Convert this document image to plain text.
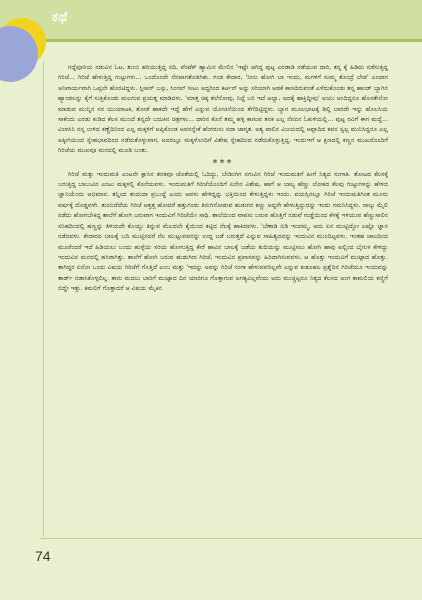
ಕಥೆ

ಗದ್ದೆಪೂರಿಯ ನಡುವಿನ ಓಟ, ತುಂಬಿ ಹರಿಯುತ್ತಿದ್ದ ನದಿ, ವೆಂಟೆಕ್ ಹ್ಯಾಮಿನ ಮೇಲಿನ 'ಇಷ್ಟೇ ಆಗಿದ್ದ ಪುಟ್ಟ ಎರಡಾಡಿ ನಡೆಯುವ ದಾರಿ, ತನ್ನ ಕೈ ಹಿಡಿದು ನಡೆಸುತ್ತಿದ್ದ ಗಿರಿಜೆ... ಗಿರಿಜೆ ಹೇಳುತ್ತಿದ್ದ ಗುಟ್ಟುಗಳು... ಒಂದೊಂದೇ ನೆನಪಾಗತೊಡಗಿತು. ಗಂಡ ಕೇದಾರ, 'ನೀನು ಹೋಗಿ ಬಾ ಇಂದು, ಮಗಳಿಗೆ ಸುಮ್ಮ ತೊಂದ್ರೆ ಬೇಡ' ಎಂದಾಗ ಅನಿವಾರ್ಯವಾಗಿ ಒಪ್ಪಲೇ ಹೊರಟಿದ್ದಳು. ಸ್ಲೀಪರ್ ಬಸ್ಸು, ಸಿಂಗಲ್ ಸೀಟು ಅದ್ದರಿಂದ ಕರ್ಟನ್ ಅನ್ನು ಸರಿಯಾಗಿ ಅಡಕೆ ಕಾಣದಿರುವಂತೆ ಎಳೆದುಕೊಂಡು ತನ್ನ ಹಾಂಡ್ ಬ್ಯಾಗಿನ ಹ್ಯಾಂಡಲನ್ನು ಕೈಗೆ ಸುತ್ತಿಕೊಂಡು ಮಲಗುವ ಪ್ರಯತ್ನ ಮಾಡಿದಳು. 'ಮಾತ್ತ ಚಿಕ್ಕ ತಲೆನೋವು, ನಿದ್ದೆ ಬರಿ ಇದೆ ಅಲ್ವಾ, ಅದಕ್ಕೆ ಹಾಕ್ತಿದ್ದೀವು' ಅಯು ಅಂದಿದ್ದರೂ ಹೊಸತೇನೋ ಮಾಡುವ ಮುನ್ನಿನ ಸರ ಯುಯಾಟಕ, ತೋಡೆ ಹಾಕದೇ ಇದ್ದೆ ಹೇಗೆ ಎನ್ನುವ ಯೋಚನೆಯಿಂದ ತೆಗೆದಿಟ್ಟಿದ್ದಳು. ಬ್ಯಾಗ ಮೂಲಭಾಟಕ್ಕೆ ಡಿಲ್ಲಿ ಬಾರದೇ ಇನ್ನು ಹೊಲಸಿಯ ಸಾಕೆಂದು ಎರಡು ಕುಡಿದ ಕೆಲಸ ಮುಂದೆ ತನ್ನದೇ ಬದುಕಿನ ಚಿತ್ರಗಳು... ದಾರಿನ ಕೊನೆ ತಮ್ಮ ಹಳ್ಳಿ ಕಾಣುವ ತನಕ ಎಲ್ಲ ನೆನಪಿನ ಓಕುಳಿಯಲ್ಲಿ... ಪುಟ್ಟ ರವಿಗೆ ಈಗ ಮದ್ದೆ... ವಿಲಾಸಿನಿ ನನ್ನ ಉಳಿದ ಕಣ್ಣೆದಿನಿಂದ ಎಲ್ಲ ಮಕ್ಕಳಿಗೆ ಅಪ್ಪಿಕೊಂಡ ಅವರನ್ನೇಕೆ ಹೆಂಗರುಸು ಸದಾ ಜಾಗೃತ. ಅತ್ಯ ಪಾಲಿನ ವಿಜಯದಲ್ಲಿ ಆಫ್ಫಾದಿದ ಕವನ ಸ್ವಲ್ಪ ಮುನಿಸಿದ್ದರೂ ಎಲ್ಲ ಅಕ್ಕೀಗಿಯಿಂದ ಸ್ನೇಹಭಾವದಿಂದ ನಡೆದುಕೊಳ್ಳುವಾಗ, ಅದರಲ್ಲೂ ಮಕ್ಕಳೊಂದಿಗೆ ವಿಶೇಷ ಸ್ನೇಹದಿಂದ ನಡೆದುಕೊಳ್ಳುತ್ತಿದ್ದ. ಇಂದುಇಗೆ ಆ ಕ್ಷಣದಲ್ಲಿ ಕಣ್ಣನ ಮುಖದೊಂದಿಗೆ ಗಿರಿಜೆಯ ಮುಖವೂ ಮನದಲ್ಲಿ ಮೂಡಿ ಬಂತು.

***

ಗಿರಿಜೆ ಮತ್ತು ಇಂದುಮತಿ ಎಂಟನೇ ಕ್ಲಾಸಿನ ತನಕವೂ ಜೊತೆಯಲ್ಲಿ ಓದಿದ್ದು, ಬೇಡಿಂಗಿಗ ನಗುವಿನ ಗಿರಿಜೆ ಇಂದುಮತಿಗೆ ಹೀಗೆ ನಿತ್ಯದ ಸಂಗಾತಿ. ತೋಟದ ಕೆಲಸಕ್ಕೆ ಬರುತ್ತಿದ್ದ ಬಾಬುವಿನ ಎಂಟು ಮಕ್ಕಳಲ್ಲಿ ಕೊನೆಯವಳು. ಇಂದುಮತಿಗೆ ಗಿರಿಜೆಯೊಂದಿಗೆ ಏನೇನ ವಿಶೇಷ, ಹಾಗೆ ಆ ಬಾಲ್ಯ ಹೆಣ್ಣು ಲೋಕದ ಕೆಲವು ಗುಟ್ಟುಗಳನ್ನು ಹೇಳಿದ ಜ್ಞಾನಿಯೆಂದು ಅಭಿಮಾನ. ತನ್ನಿಂದ ತಂದುದಾ ಪ್ರಬುದ್ಧೆ ಎಂದು ಅವಳು ಹೇಳಿದ್ದನ್ನು ಭಕ್ತಿಯಿಂದ ಕೇಳುತ್ತಿದ್ದಳು ಇಂದು. ವಯಸ್ಸಿನಲ್ಲೂ ಗಿರಿಜೆ ಇಂದುಮತಿಗಿಂತ ಮೂರು ವರ್ಷಕ್ಕೆ ದೊಡ್ಡವಳೇ. ತುಂಬಿದೆದೆಯ ಗಿರಿಜೆ ಅತ್ತತ್ತ ಹೋದರೆ ಹತ್ತುಗಂಡು ತಿರುಗಿನೋಡುವ ಹುಡುಗರ ಕಣ್ಣು ಅದ್ದರೇ ಹೇಳುತ್ತಿದ್ದುದನ್ನು ಇಂದು ಗಮನಿಸಿದ್ದಳು. ನಾಲ್ಕು ಮೈಲಿ ನಡೆದು ಹೋಗಬೇಕಿದ್ದ ಶಾಲೆಗೆ ಹೋಗಿ ಬರುವಾಗ ಇಂದುವಿಗೆ ಗಿರಿಜೆಯೇ ಸಾಥಿ. ಶಾಲೆಯಿಂದ ವಾಪಸು ಬರುವ ಹೊತ್ತಿಗೆ ನಡುವೆ ಗುಡ್ಡೆಯಿಂದ ಕೆಳಕ್ಕೆ ಇಳಿಯುವ ಹೆಣ್ಣುಸಾಲಿನ ಸನಿಹದಿಂದಲ್ಲಿ ಹಣ್ಣನ್ನು ತಿಳಿಯದೇ ಕೊಯ್ದು ತಿನ್ನುವ ಮೆಲದಲೇ ಕೈಯಿಂದ ಕಟ್ಟಿದ ನೆಲಕ್ಕೆ ಹಾಕಿದವಳು. 'ಬೆಣಾಡಿ ಬಿಡಿ ಇಂದಮ್ಮ, ಅದು ಏನ ಮುಟ್ಟಿದ್ದೋ ಎಷ್ಟೊ ಜ್ಞಾನ ನಡೆದವಳು. ಕೇದಾರದ ಬಾಲಕ್ಕೆ ಬದಿ ಮುಟ್ಟಿಸದರೆ ನೆಲ ಮುಟ್ಟುವವನನ್ನು ಉದ್ದ ಜಡೆ ಬರುತ್ತದೆ ಎನ್ನುವ ಸಾಹಿತ್ಯದವನ್ನು ಇಂದುವಿನ ಮುಂದಿಟ್ಟವಳು. ಇಂತಹ ಜಾಲದಿಂದ ಮೂರೆಂದರೆ ಇದೆ ಹಿಡಿಯಲು ಬಂದು ಹುಳ್ಳೆಯ ಸರಿಯ ಹೋಗುತ್ತಿದ್ದ ಕೇರೆ ಹಾವಿನ ಬಾಲಕ್ಕೆ ಜಡೆಯ ತುದಿಯನ್ನು ಮುಟ್ಟಿಸಲು ಹೋಗಿ ಹಾವು ಅಲ್ಲಿಂದ ಬೈಗುಳ ಕೇಳಿದ್ದು ಇಂದುವಿನ ಮನದಲ್ಲಿ ಹಸಿರಾಗಿತ್ತು. ಶಾಲೆಗೆ ಹೋಗಿ ಬರುವ ಹುಡುಗೀರ ಗಿರಿಜೆ, ಇಂದುವಿನ ಪ್ರವಾಸವನ್ನು ಹಿರಿದಾಗಿಸುವವಳು. ಆ ಹೊತ್ತು ಇಂದುವಿಗೆ ಮುಟ್ಟಾದ ಹೊತ್ತು. ತಾಗಿದ್ದರ ಏನೋ ಒಂದು ವಿಷಯ ಗಿರಿಜೆಗೆ ಗೊತ್ತಿದೆ ಎಂಬ ಮತ್ತು 'ಇದನ್ನು ಅವನ್ನು ಗಿರಿಜೆ ಸಂಗಾ ಹೇಳುವವರಿಲ್ಲವೇ ಎನ್ನುವ ಕುತೂಹಲ ಪ್ರಶ್ನೆದಿನ ಗಿರಿಜೆಯೂ ಇಂದುವನ್ನು ತಾರ್ಡ್ ನಡಾಸಿಕೊಳ್ಳಲಿಲ್ಲ. ತಾನು ಮದಲು ಬಾರಿಗೆ ಮುಟ್ಟಾದ ದಿನ ಯಾರಿಗೂ ಗೊತ್ತಾಗುವ ಅಗತ್ಯವಿಲ್ಲವೆಂದು ಅದು ಮುಚ್ಚಿಟ್ಟರೂ ನಿತ್ಯದ ಕೆಲಸದ ಅಂಗ ಕಾಮಲಿಯ ಕಣ್ಣಿಗೆ ಬಿದ್ದೇ ಇತ್ತು. ಕಮಲಿಗೆ ಗೊತ್ತಾದರೆ ಆ ವಿಷಯ ಮೈಕಿನ

74
